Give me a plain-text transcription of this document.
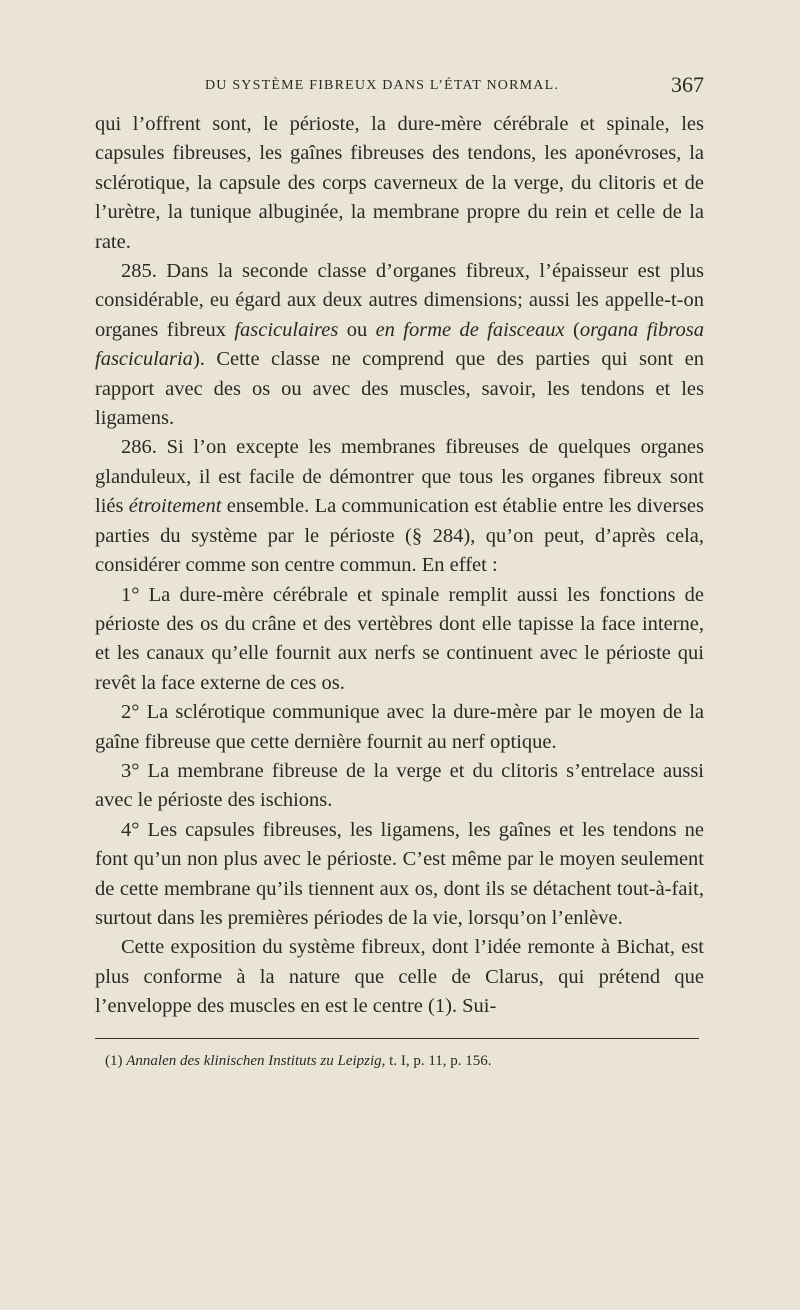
DU SYSTÈME FIBREUX DANS L’ÉTAT NORMAL.	367

qui l’offrent sont, le périoste, la dure-mère cérébrale et spinale, les capsules fibreuses, les gaînes fibreuses des tendons, les aponévroses, la sclérotique, la capsule des corps caverneux de la verge, du clitoris et de l’urètre, la tunique albuginée, la membrane propre du rein et celle de la rate.

285. Dans la seconde classe d’organes fibreux, l’épaisseur est plus considérable, eu égard aux deux autres dimensions; aussi les appelle-t-on organes fibreux fasciculaires ou en forme de faisceaux (organa fibrosa fascicularia). Cette classe ne comprend que des parties qui sont en rapport avec des os ou avec des muscles, savoir, les tendons et les ligamens.

286. Si l’on excepte les membranes fibreuses de quelques organes glanduleux, il est facile de démontrer que tous les organes fibreux sont liés étroitement ensemble. La communication est établie entre les diverses parties du système par le périoste (§ 284), qu’on peut, d’après cela, considérer comme son centre commun. En effet :

1° La dure-mère cérébrale et spinale remplit aussi les fonctions de périoste des os du crâne et des vertèbres dont elle tapisse la face interne, et les canaux qu’elle fournit aux nerfs se continuent avec le périoste qui revêt la face externe de ces os.

2° La sclérotique communique avec la dure-mère par le moyen de la gaîne fibreuse que cette dernière fournit au nerf optique.

3° La membrane fibreuse de la verge et du clitoris s’entrelace aussi avec le périoste des ischions.

4° Les capsules fibreuses, les ligamens, les gaînes et les tendons ne font qu’un non plus avec le périoste. C’est même par le moyen seulement de cette membrane qu’ils tiennent aux os, dont ils se détachent tout-à-fait, surtout dans les premières périodes de la vie, lorsqu’on l’enlève.

Cette exposition du système fibreux, dont l’idée remonte à Bichat, est plus conforme à la nature que celle de Clarus, qui prétend que l’enveloppe des muscles en est le centre (1). Sui-

(1) Annalen des klinischen Instituts zu Leipzig, t. I, p. 11, p. 156.
